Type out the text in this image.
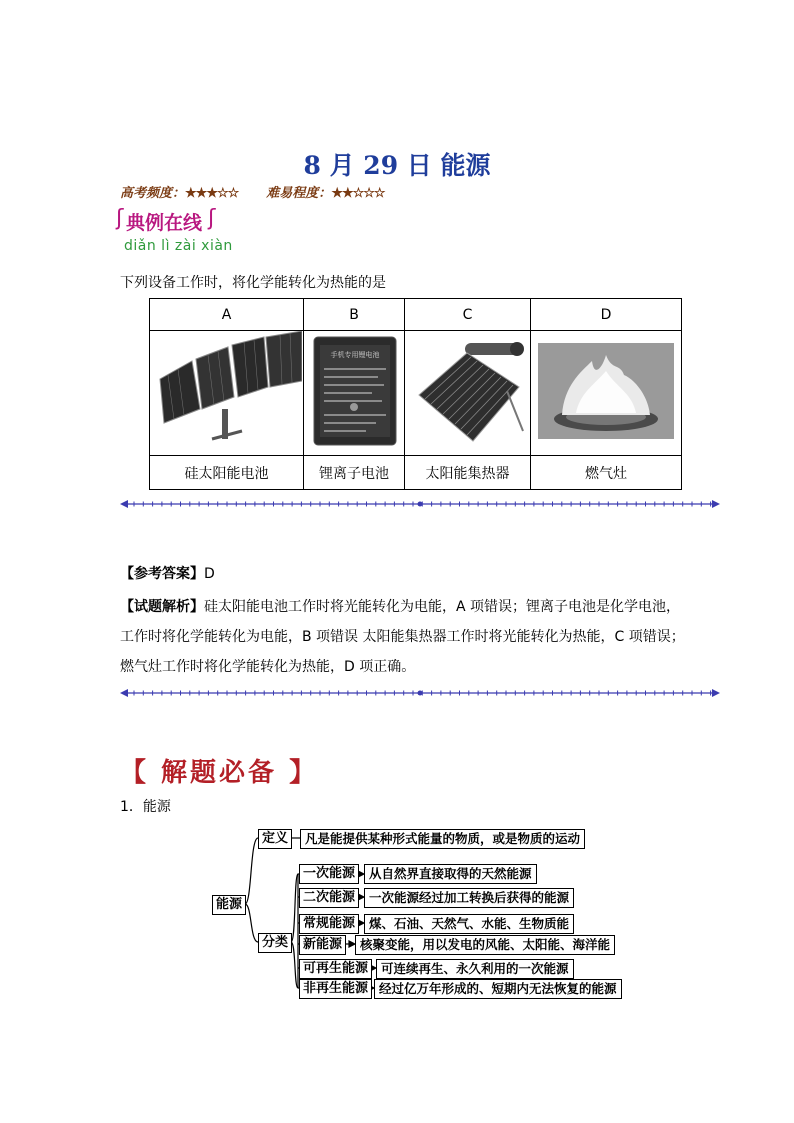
8 月 29 日 能源
高考频度：★★★☆☆ 难易程度：★★☆☆☆
ʃ 典例在线 ʃ
diǎn lì zài xiàn
下列设备工作时，将化学能转化为热能的是
A	B	C	D

手机专用锂电池

硅太阳能电池	锂离子电池	太阳能集热器	燃气灶
【参考答案】D
【试题解析】硅太阳能电池工作时将光能转化为电能，A 项错误；锂离子电池是化学电池，
工作时将化学能转化为电能，B 项错误 太阳能集热器工作时将光能转化为热能，C 项错误；
燃气灶工作时将化学能转化为热能，D 项正确。
【 解题必备 】
1．能源
能源
定义	凡是能提供某种形式能量的物质，或是物质的运动
分类
一次能源	从自然界直接取得的天然能源
二次能源	一次能源经过加工转换后获得的能源
常规能源	煤、石油、天然气、水能、生物质能
新能源	核聚变能，用以发电的风能、太阳能、海洋能
可再生能源	可连续再生、永久利用的一次能源
非再生能源 经过亿万年形成的、短期内无法恢复的能源
